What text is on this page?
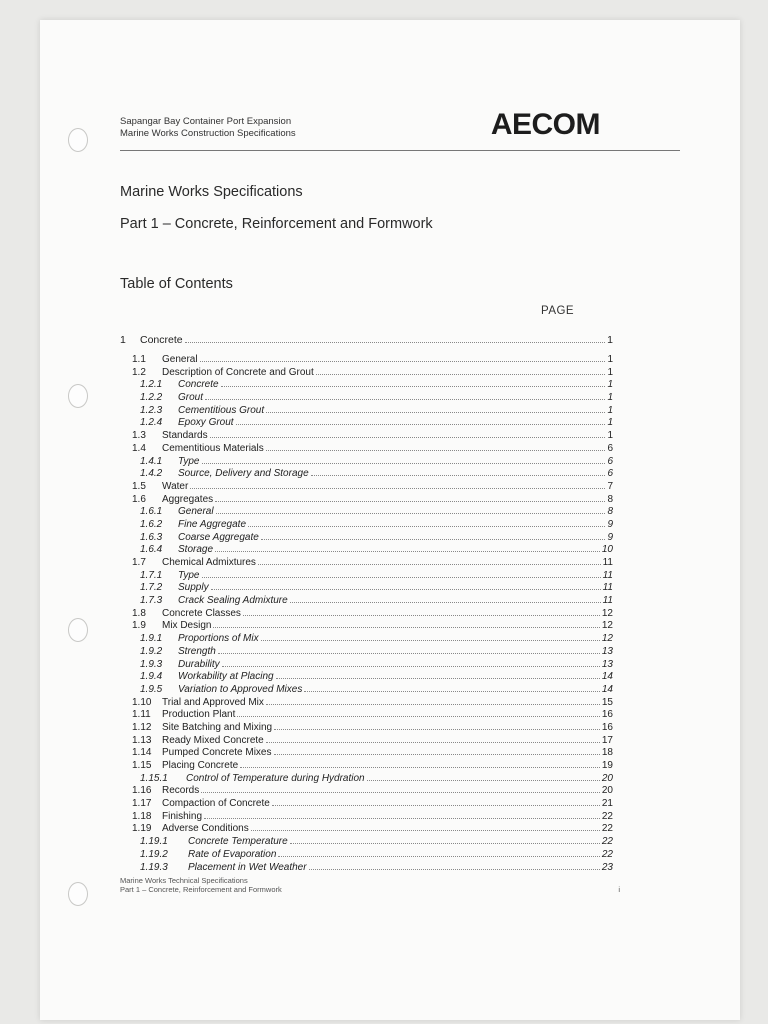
Sapangar Bay Container Port Expansion
Marine Works Construction Specifications	AECOM
Marine Works Specifications
Part 1 – Concrete, Reinforcement and Formwork
Table of Contents
PAGE
1	Concrete	1
1.1	General	1
1.2	Description of Concrete and Grout	1
1.2.1	Concrete	1
1.2.2	Grout	1
1.2.3	Cementitious Grout	1
1.2.4	Epoxy Grout	1
1.3	Standards	1
1.4	Cementitious Materials	6
1.4.1	Type	6
1.4.2	Source, Delivery and Storage	6
1.5	Water	7
1.6	Aggregates	8
1.6.1	General	8
1.6.2	Fine Aggregate	9
1.6.3	Coarse Aggregate	9
1.6.4	Storage	10
1.7	Chemical Admixtures	11
1.7.1	Type	11
1.7.2	Supply	11
1.7.3	Crack Sealing Admixture	11
1.8	Concrete Classes	12
1.9	Mix Design	12
1.9.1	Proportions of Mix	12
1.9.2	Strength	13
1.9.3	Durability	13
1.9.4	Workability at Placing	14
1.9.5	Variation to Approved Mixes	14
1.10	Trial and Approved Mix	15
1.11	Production Plant	16
1.12	Site Batching and Mixing	16
1.13	Ready Mixed Concrete	17
1.14	Pumped Concrete Mixes	18
1.15	Placing Concrete	19
1.15.1	Control of Temperature during Hydration	20
1.16	Records	20
1.17	Compaction of Concrete	21
1.18	Finishing	22
1.19	Adverse Conditions	22
1.19.1	Concrete Temperature	22
1.19.2	Rate of Evaporation	22
1.19.3	Placement in Wet Weather	23
Marine Works Technical Specifications
Part 1 – Concrete, Reinforcement and Formwork	i
